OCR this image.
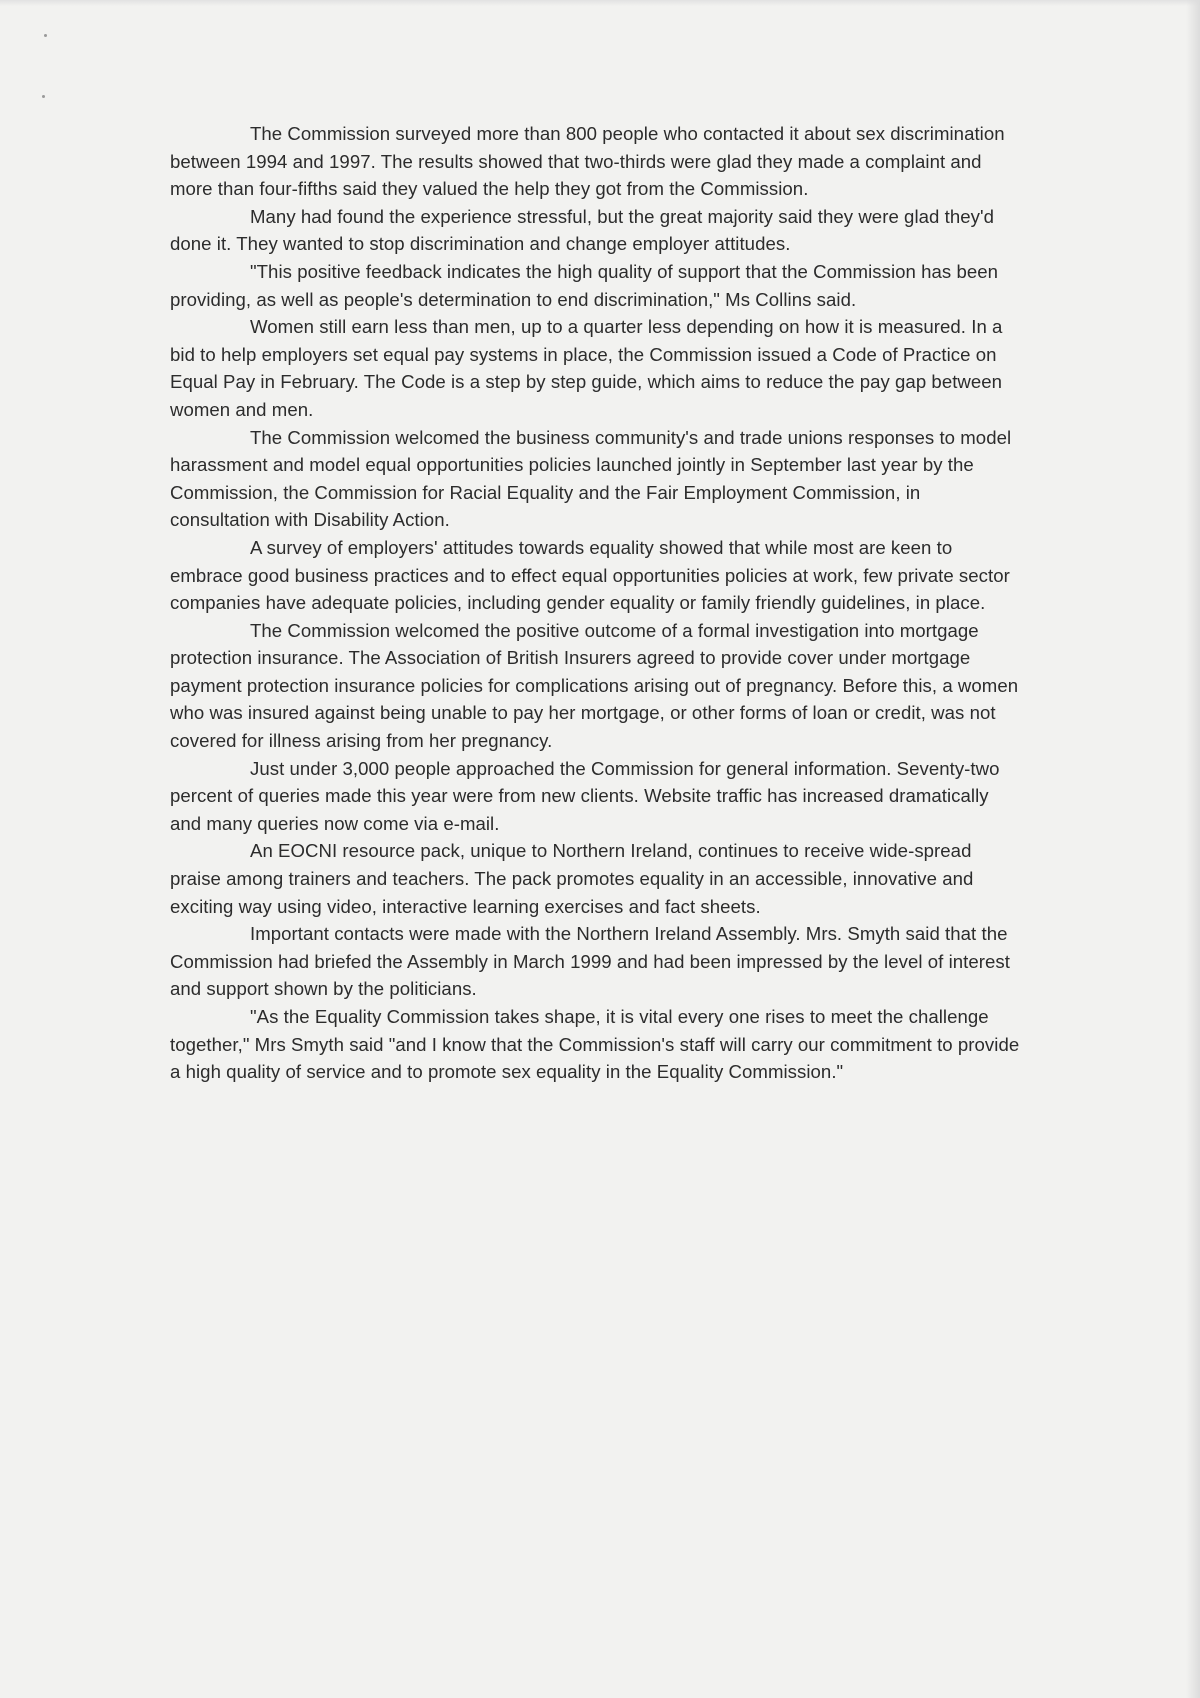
The Commission surveyed more than 800 people who contacted it about sex discrimination between 1994 and 1997. The results showed that two-thirds were glad they made a complaint and more than four-fifths said they valued the help they got from the Commission.

Many had found the experience stressful, but the great majority said they were glad they'd done it. They wanted to stop discrimination and change employer attitudes.

"This positive feedback indicates the high quality of support that the Commission has been providing, as well as people's determination to end discrimination," Ms Collins said.

Women still earn less than men, up to a quarter less depending on how it is measured. In a bid to help employers set equal pay systems in place, the Commission issued a Code of Practice on Equal Pay in February. The Code is a step by step guide, which aims to reduce the pay gap between women and men.

The Commission welcomed the business community's and trade unions responses to model harassment and model equal opportunities policies launched jointly in September last year by the Commission, the Commission for Racial Equality and the Fair Employment Commission, in consultation with Disability Action.

A survey of employers' attitudes towards equality showed that while most are keen to embrace good business practices and to effect equal opportunities policies at work, few private sector companies have adequate policies, including gender equality or family friendly guidelines, in place.

The Commission welcomed the positive outcome of a formal investigation into mortgage protection insurance. The Association of British Insurers agreed to provide cover under mortgage payment protection insurance policies for complications arising out of pregnancy. Before this, a women who was insured against being unable to pay her mortgage, or other forms of loan or credit, was not covered for illness arising from her pregnancy.

Just under 3,000 people approached the Commission for general information. Seventy-two percent of queries made this year were from new clients. Website traffic has increased dramatically and many queries now come via e-mail.

An EOCNI resource pack, unique to Northern Ireland, continues to receive wide-spread praise among trainers and teachers. The pack promotes equality in an accessible, innovative and exciting way using video, interactive learning exercises and fact sheets.

Important contacts were made with the Northern Ireland Assembly. Mrs. Smyth said that the Commission had briefed the Assembly in March 1999 and had been impressed by the level of interest and support shown by the politicians.

"As the Equality Commission takes shape, it is vital every one rises to meet the challenge together," Mrs Smyth said "and I know that the Commission's staff will carry our commitment to provide a high quality of service and to promote sex equality in the Equality Commission."
